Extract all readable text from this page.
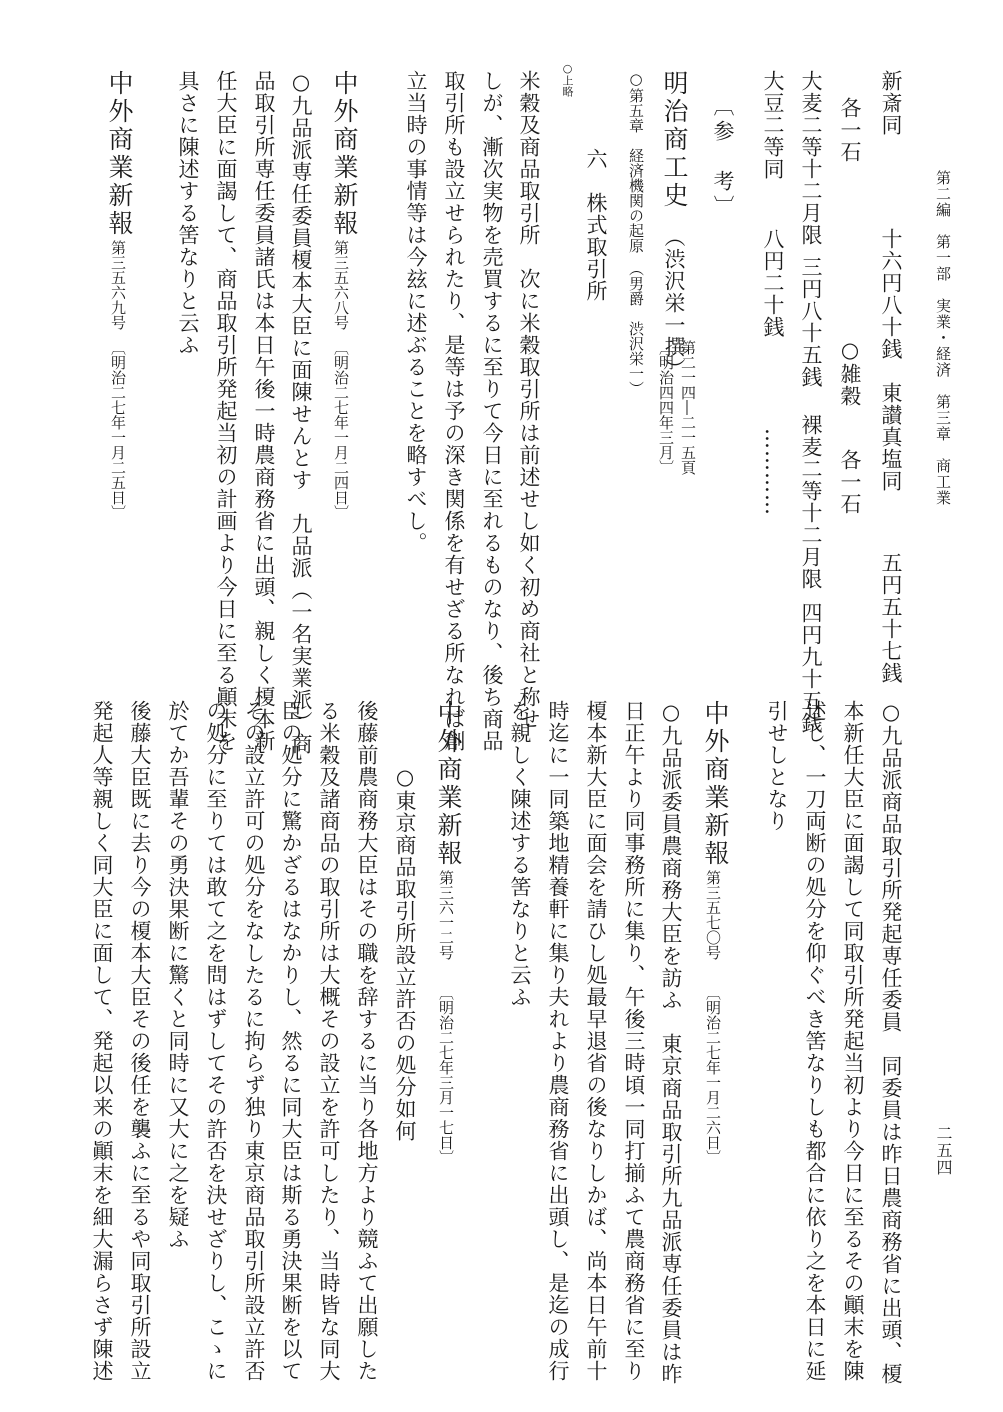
第二編　第一部　実業・経済　第三章　商工業
二五四
新斎同十六円八十銭東讃真塩同五円五十七銭
各一石○雑穀各一石
大麦二等十二月限三円八十五銭裸麦二等十二月限四円九十五銭
大豆二等同八円二十銭…………
〔参　考〕
明治商工史（渋沢栄一撰）
第二一四―二一五頁
〔明治四四年三月〕
○第五章　経済機関の起原（男爵　渋沢栄一）
六　株式取引所
○上略
米穀及商品取引所　次に米穀取引所は前述せし如く初め商社と称せ
しが、漸次実物を売買するに至りて今日に至れるものなり、後ち商品
取引所も設立せられたり、是等は予の深き関係を有せざる所なれば創
立当時の事情等は今玆に述ぶることを略すべし。
中外商業新報
第三五六八号
〔明治二七年一月二四日〕
○九品派専任委員榎本大臣に面陳せんとす　九品派（一名実業派）商
品取引所専任委員諸氏は本日午後一時農商務省に出頭、親しく榎本新
任大臣に面謁して、商品取引所発起当初の計画より今日に至る顚末を
具さに陳述する筈なりと云ふ
中外商業新報
第三五六九号
〔明治二七年一月二五日〕
○九品派商品取引所発起専任委員　同委員は昨日農商務省に出頭、榎
本新任大臣に面謁して同取引所発起当初より今日に至るその顚末を陳
述し、一刀両断の処分を仰ぐべき筈なりしも都合に依り之を本日に延
引せしとなり
中外商業新報
第三五七〇号
〔明治二七年一月二六日〕
○九品派委員農商務大臣を訪ふ　東京商品取引所九品派専任委員は昨
日正午より同事務所に集り、午後三時頃一同打揃ふて農商務省に至り
榎本新大臣に面会を請ひし処最早退省の後なりしかば、尚本日午前十
時迄に一同築地精養軒に集り夫れより農商務省に出頭し、是迄の成行
を親しく陳述する筈なりと云ふ
中外商業新報
第三六一二号
〔明治二七年三月一七日〕
○東京商品取引所設立許否の処分如何
後藤前農商務大臣はその職を辞するに当り各地方より競ふて出願した
る米穀及諸商品の取引所は大概その設立を許可したり、当時皆な同大
臣の処分に驚かざるはなかりし、然るに同大臣は斯る勇決果断を以て
その設立許可の処分をなしたるに拘らず独り東京商品取引所設立許否
の処分に至りては敢て之を問はずしてその許否を決せざりし、こゝに
於てか吾輩その勇決果断に驚くと同時に又大に之を疑ふ
後藤大臣既に去り今の榎本大臣その後任を襲ふに至るや同取引所設立
発起人等親しく同大臣に面して、発起以来の顚末を細大漏らさず陳述
